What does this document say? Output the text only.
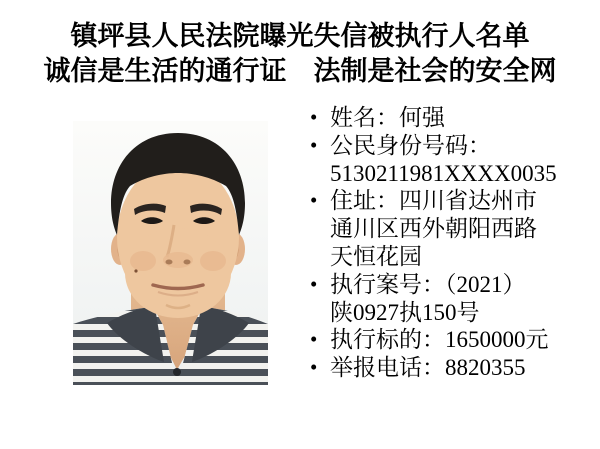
镇坪县人民法院曝光失信被执行人名单
诚信是生活的通行证　法制是社会的安全网
• 姓名：何强
• 公民身份号码：
5130211981XXXX0035
• 住址：四川省达州市
通川区西外朝阳西路
天恒花园
• 执行案号：（2021）
陕0927执150号
• 执行标的：1650000元
• 举报电话：8820355
